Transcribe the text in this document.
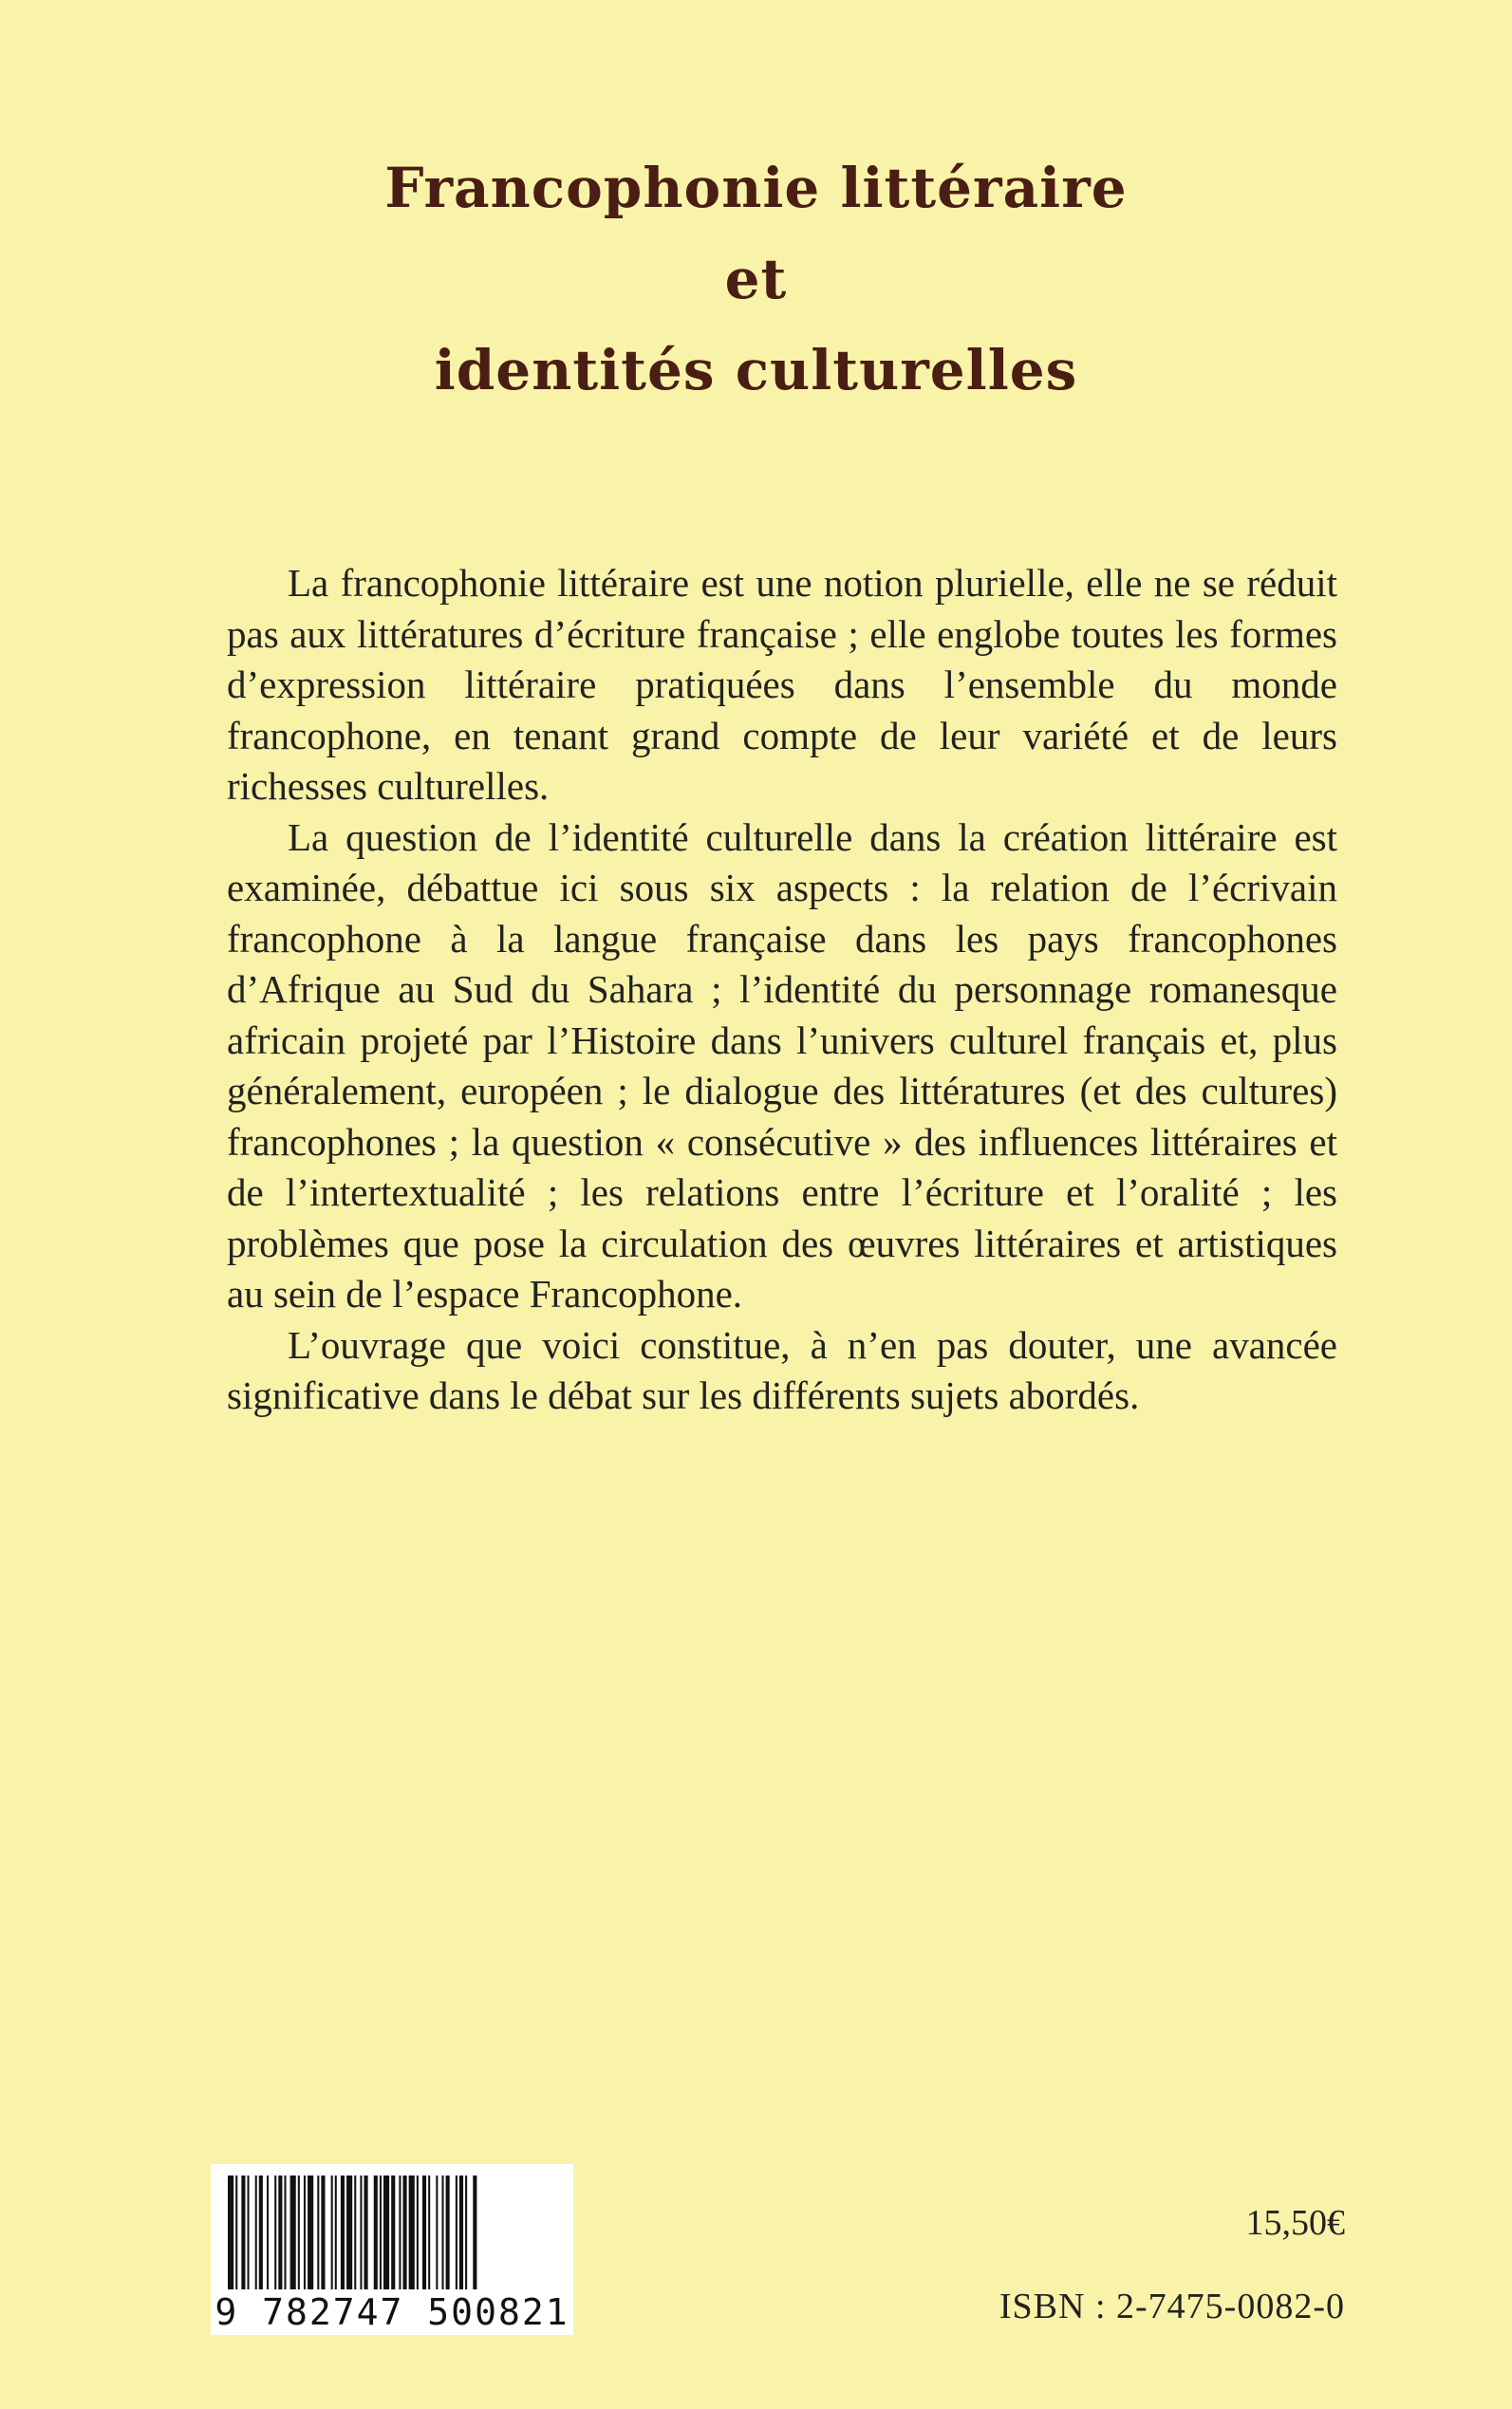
Francophonie littéraire
et
identités culturelles

La francophonie littéraire est une notion plurielle, elle ne se réduit pas aux littératures d’écriture française ; elle englobe toutes les formes d’expression littéraire pratiquées dans l’ensemble du monde francophone, en tenant grand compte de leur variété et de leurs richesses culturelles.

La question de l’identité culturelle dans la création littéraire est examinée, débattue ici sous six aspects : la relation de l’écrivain francophone à la langue française dans les pays francophones d’Afrique au Sud du Sahara ; l’identité du personnage romanesque africain projeté par l’Histoire dans l’univers culturel français et, plus généralement, européen ; le dialogue des littératures (et des cultures) francophones ; la question « consécutive » des influences littéraires et de l’intertextualité ; les relations entre l’écriture et l’oralité ; les problèmes que pose la circulation des œuvres littéraires et artistiques au sein de l’espace Francophone.

L’ouvrage que voici constitue, à n’en pas douter, une avancée significative dans le débat sur les différents sujets abordés.

9 782747 500821
15,50€
ISBN : 2-7475-0082-0
